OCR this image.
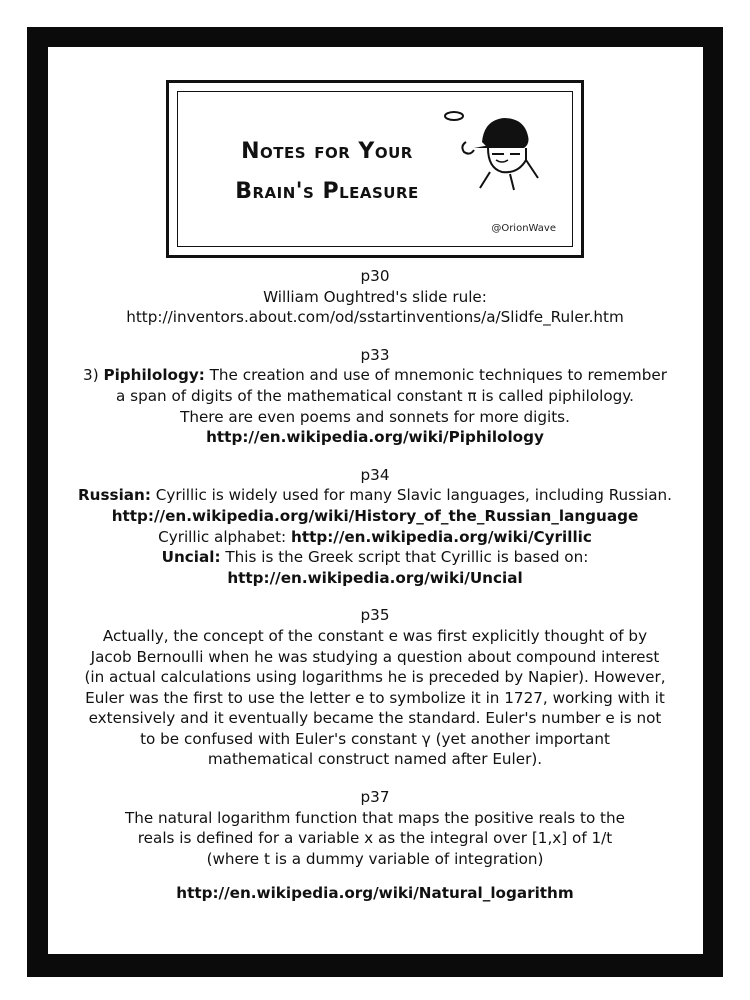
Notes for Your
Brain's Pleasure
@OrionWave
p30
William Oughtred's slide rule:
http://inventors.about.com/od/sstartinventions/a/Slidfe_Ruler.htm
p33
3) Piphilology: The creation and use of mnemonic techniques to remember
a span of digits of the mathematical constant π is called piphilology.
There are even poems and sonnets for more digits.
http://en.wikipedia.org/wiki/Piphilology
p34
Russian: Cyrillic is widely used for many Slavic languages, including Russian.
http://en.wikipedia.org/wiki/History_of_the_Russian_language
Cyrillic alphabet: http://en.wikipedia.org/wiki/Cyrillic
Uncial: This is the Greek script that Cyrillic is based on:
http://en.wikipedia.org/wiki/Uncial
p35
Actually, the concept of the constant e was first explicitly thought of by
Jacob Bernoulli when he was studying a question about compound interest
(in actual calculations using logarithms he is preceded by Napier). However,
Euler was the first to use the letter e to symbolize it in 1727, working with it
extensively and it eventually became the standard. Euler's number e is not
to be confused with Euler's constant γ (yet another important
mathematical construct named after Euler).
p37
The natural logarithm function that maps the positive reals to the
reals is defined for a variable x as the integral over [1,x] of 1/t
(where t is a dummy variable of integration)
http://en.wikipedia.org/wiki/Natural_logarithm
